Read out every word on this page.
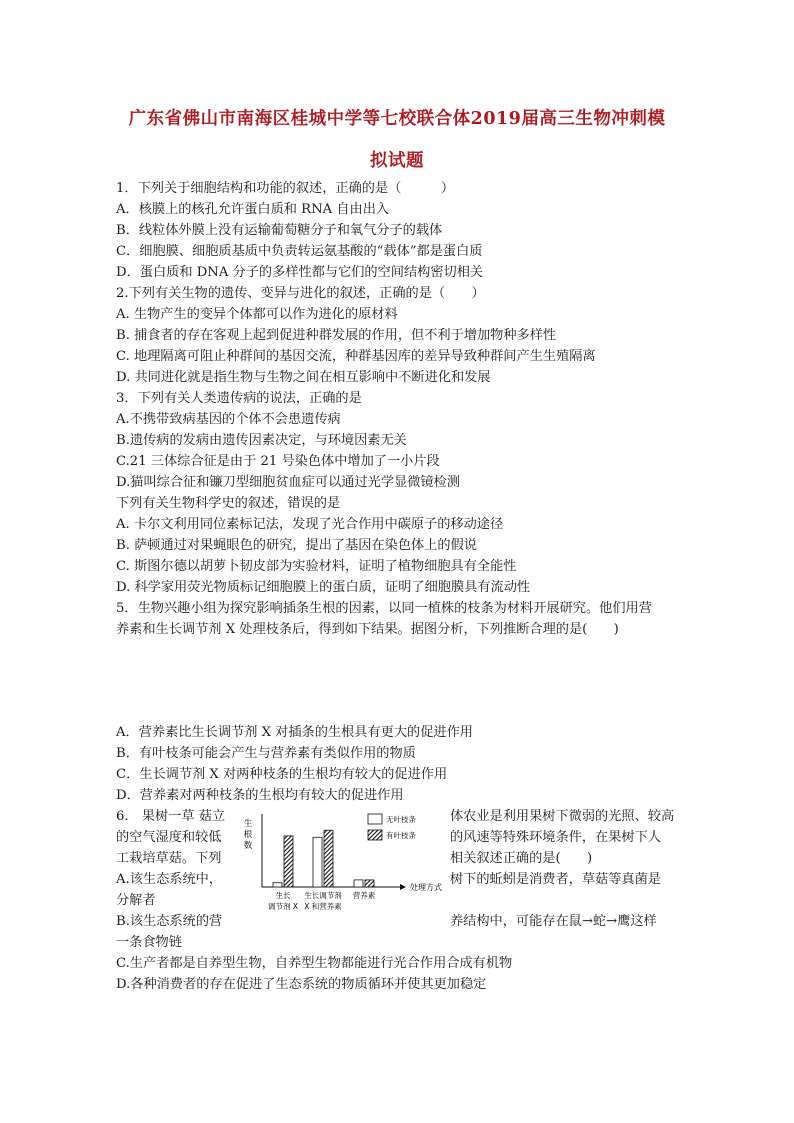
广东省佛山市南海区桂城中学等七校联合体2019届高三生物冲刺模
拟试题
1．下列关于细胞结构和功能的叙述，正确的是（　　　）
A．核膜上的核孔允许蛋白质和 RNA 自由出入
B．线粒体外膜上没有运输葡萄糖分子和氧气分子的载体
C．细胞膜、细胞质基质中负责转运氨基酸的“载体”都是蛋白质
D．蛋白质和 DNA 分子的多样性都与它们的空间结构密切相关
2.下列有关生物的遗传、变异与进化的叙述，正确的是（　　）
A. 生物产生的变异个体都可以作为进化的原材料
B. 捕食者的存在客观上起到促进种群发展的作用，但不利于增加物种多样性
C. 地理隔离可阻止种群间的基因交流，种群基因库的差异导致种群间产生生殖隔离
D. 共同进化就是指生物与生物之间在相互影响中不断进化和发展
3．下列有关人类遗传病的说法，正确的是
A.不携带致病基因的个体不会患遗传病
B.遗传病的发病由遗传因素决定，与环境因素无关
C.21 三体综合征是由于 21 号染色体中增加了一小片段
D.猫叫综合征和镰刀型细胞贫血症可以通过光学显微镜检测
下列有关生物科学史的叙述，错误的是
A. 卡尔文利用同位素标记法，发现了光合作用中碳原子的移动途径
B. 萨顿通过对果蝇眼色的研究，提出了基因在染色体上的假说
C. 斯图尔德以胡萝卜韧皮部为实验材料，证明了植物细胞具有全能性
D. 科学家用荧光物质标记细胞膜上的蛋白质，证明了细胞膜具有流动性
5．生物兴趣小组为探究影响插条生根的因素，以同一植株的枝条为材料开展研究。他们用营
养素和生长调节剂 X 处理枝条后，得到如下结果。据图分析，下列推断合理的是(　　)
A．营养素比生长调节剂 X 对插条的生根具有更大的促进作用
B．有叶枝条可能会产生与营养素有类似作用的物质
C．生长调节剂 X 对两种枝条的生根均有较大的促进作用
D．营养素对两种枝条的生根均有较大的促进作用
6.　果树一草 菇立	体农业是利用果树下微弱的光照、较高
的空气湿度和较低	的风速等特殊环境条件，在果树下人
工栽培草菇。下列	相关叙述正确的是(　　)
A.该生态系统中，	树下的蚯蚓是消费者，草菇等真菌是
分解者
B.该生态系统的营	养结构中，可能存在鼠→蛇→鹰这样
一条食物链
C.生产者都是自养型生物，自养型生物都能进行光合作用合成有机物
D.各种消费者的存在促进了生态系统的物质循环并使其更加稳定
生
根
数
处理方式
无叶枝条
有叶枝条
生长
调节剂 X
生长调节剂
X 和营养素
营养素
